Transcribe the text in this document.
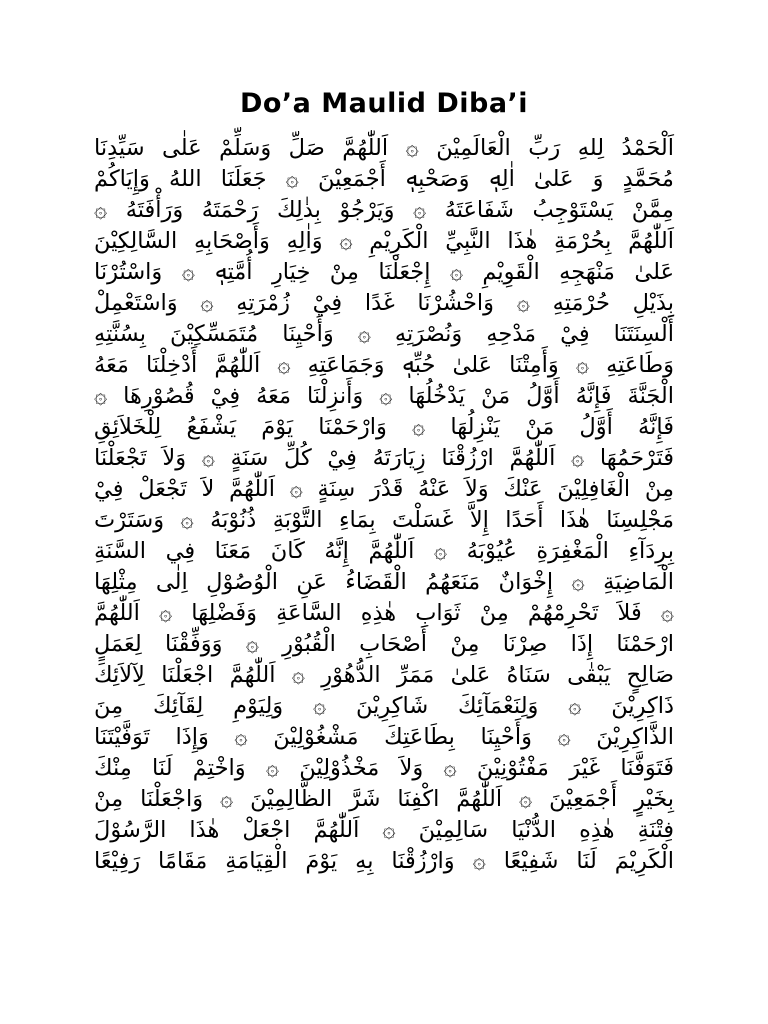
Do’a Maulid Diba’i
اَلْحَمْدُ لِلهِ رَبِّ الْعَالَمِيْنَ ۞ اَللّٰهُمَّ صَلِّ وَسَلِّمْ عَلٰى سَيِّدِنَا
مُحَمَّدٍ وَ عَلىٰ اٰلِهٖ وَصَحْبِهٖ أَجْمَعِيْنَ ۞ جَعَلَنَا اللهُ وَإِيَاكُمْ
مِمَّنْ يَسْتَوْجِبُ شَفَاعَتَهُ ۞ وَيَرْجُوْ بِذٰلِكَ رَحْمَتَهُ وَرَأْفَتَهُ ۞
اَللّٰهُمَّ بِحُرْمَةِ هٰذَا النَّبِيِّ الْكَرِيْمِ ۞ وَاٰلِهِ وَأَصْحَابِهِ السَّالِكِيْنَ
عَلىٰ مَنْهَجِهِ الْقَوِيْمِ ۞ إِجْعَلْنَا مِنْ خِيَارِ أُمَّتِهٖ ۞ وَاسْتُرْنَا
بِذَيْلِ حُرْمَتِهِ ۞ وَاحْشُرْنَا غَدًا فِيْ زُمْرَتِهِ ۞ وَاسْتَعْمِلْ
أَلْسِنَتَنَا فِيْ مَدْحِهِ وَنُصْرَتِهِ ۞ وَأَحْيِنَا مُتَمَسِّكِيْنَ بِسُنَّتِهِ
وَطَاعَتِهِ ۞ وَأَمِتْنَا عَلىٰ حُبِّهٖ وَجَمَاعَتِهِ ۞ اَللّٰهُمَّ أَدْخِلْنَا مَعَهُ
الْجَنَّةَ فَإِنَّهُ أَوَّلُ مَنْ يَدْخُلُهَا ۞ وَأَنزِلْنَا مَعَهُ فِيْ قُصُوْرِهَا ۞
فَإِنَّهُ أَوَّلُ مَنْ يَنْزِلُهَا ۞ وَارْحَمْنَا يَوْمَ يَشْفَعُ لِلْخَلاَئِقِ
فَتَرْحَمُهَا ۞ اَللّٰهُمَّ ارْزُقْنَا زِيَارَتَهُ فِيْ كُلِّ سَنَةٍ ۞ وَلاَ تَجْعَلْنَا
مِنْ الْغَافِلِيْنَ عَنْكَ وَلاَ عَنْهُ قَدْرَ سِنَةٍ ۞ اَللّٰهُمَّ لاَ تَجْعَلْ فِيْ
مَجْلِسِنَا هٰذَا أَحَدًا إِلاَّ غَسَلْتَ بِمَاءِ التَّوْبَةِ ذُنُوْبَهُ ۞ وَسَتَرْتَ
بِرِدَآءِ الْمَغْفِرَةِ عُيُوْبَهُ ۞ اَللّٰهُمَّ إِنَّهُ كَانَ مَعَنَا فِي السَّنَةِ
الْمَاضِيَةِ ۞ إِخْوَانٌ مَنَعَهُمُ الْقَضَاءُ عَنِ الْوُصُوْلِ اِلٰى مِثْلِهَا
۞ فَلاَ تَحْرِمْهُمْ مِنْ ثَوَابِ هٰذِهِ السَّاعَةِ وَفَضْلِهَا ۞ اَللّٰهُمَّ
ارْحَمْنَا إِذَا صِرْنَا مِنْ أَصْحَابِ الْقُبُوْرِ ۞ وَوَفِّقْنَا لِعَمَلٍ
صَالِحٍ يَبْقٰى سَنَاهُ عَلىٰ مَمَرِّ الدُّهُوْرِ ۞ اَللّٰهُمَّ اجْعَلْنَا لِآلاَئِكَ
ذَاكِرِيْنَ ۞ وَلِنَعْمَآئِكَ شَاكِرِيْنَ ۞ وَلِيَوْمِ لِقَآئِكَ مِنَ
الذَّاكِرِيْنَ ۞ وَأَحْيِنَا بِطَاعَتِكَ مَشْغُوْلِيْنَ ۞ وَإِذَا تَوَفَّيْتَنَا
فَتَوَفَّنَا غَيْرَ مَفْتُوْنِيْنَ ۞ وَلاَ مَخْذُوْلِيْنَ ۞ وَاخْتِمْ لَنَا مِنْكَ
بِخَيْرٍ أَجْمَعِيْنَ ۞ اَللّٰهُمَّ اكْفِنَا شَرَّ الظَّالِمِيْنَ ۞ وَاجْعَلْنَا مِنْ
فِتْنَةِ هٰذِهِ الدُّنْيَا سَالِمِيْنَ ۞ اَللّٰهُمَّ اجْعَلْ هٰذَا الرَّسُوْلَ
الْكَرِيْمَ لَنَا شَفِيْعًا ۞ وَارْزُقْنَا بِهِ يَوْمَ الْقِيَامَةِ مَقَامًا رَفِيْعًا
